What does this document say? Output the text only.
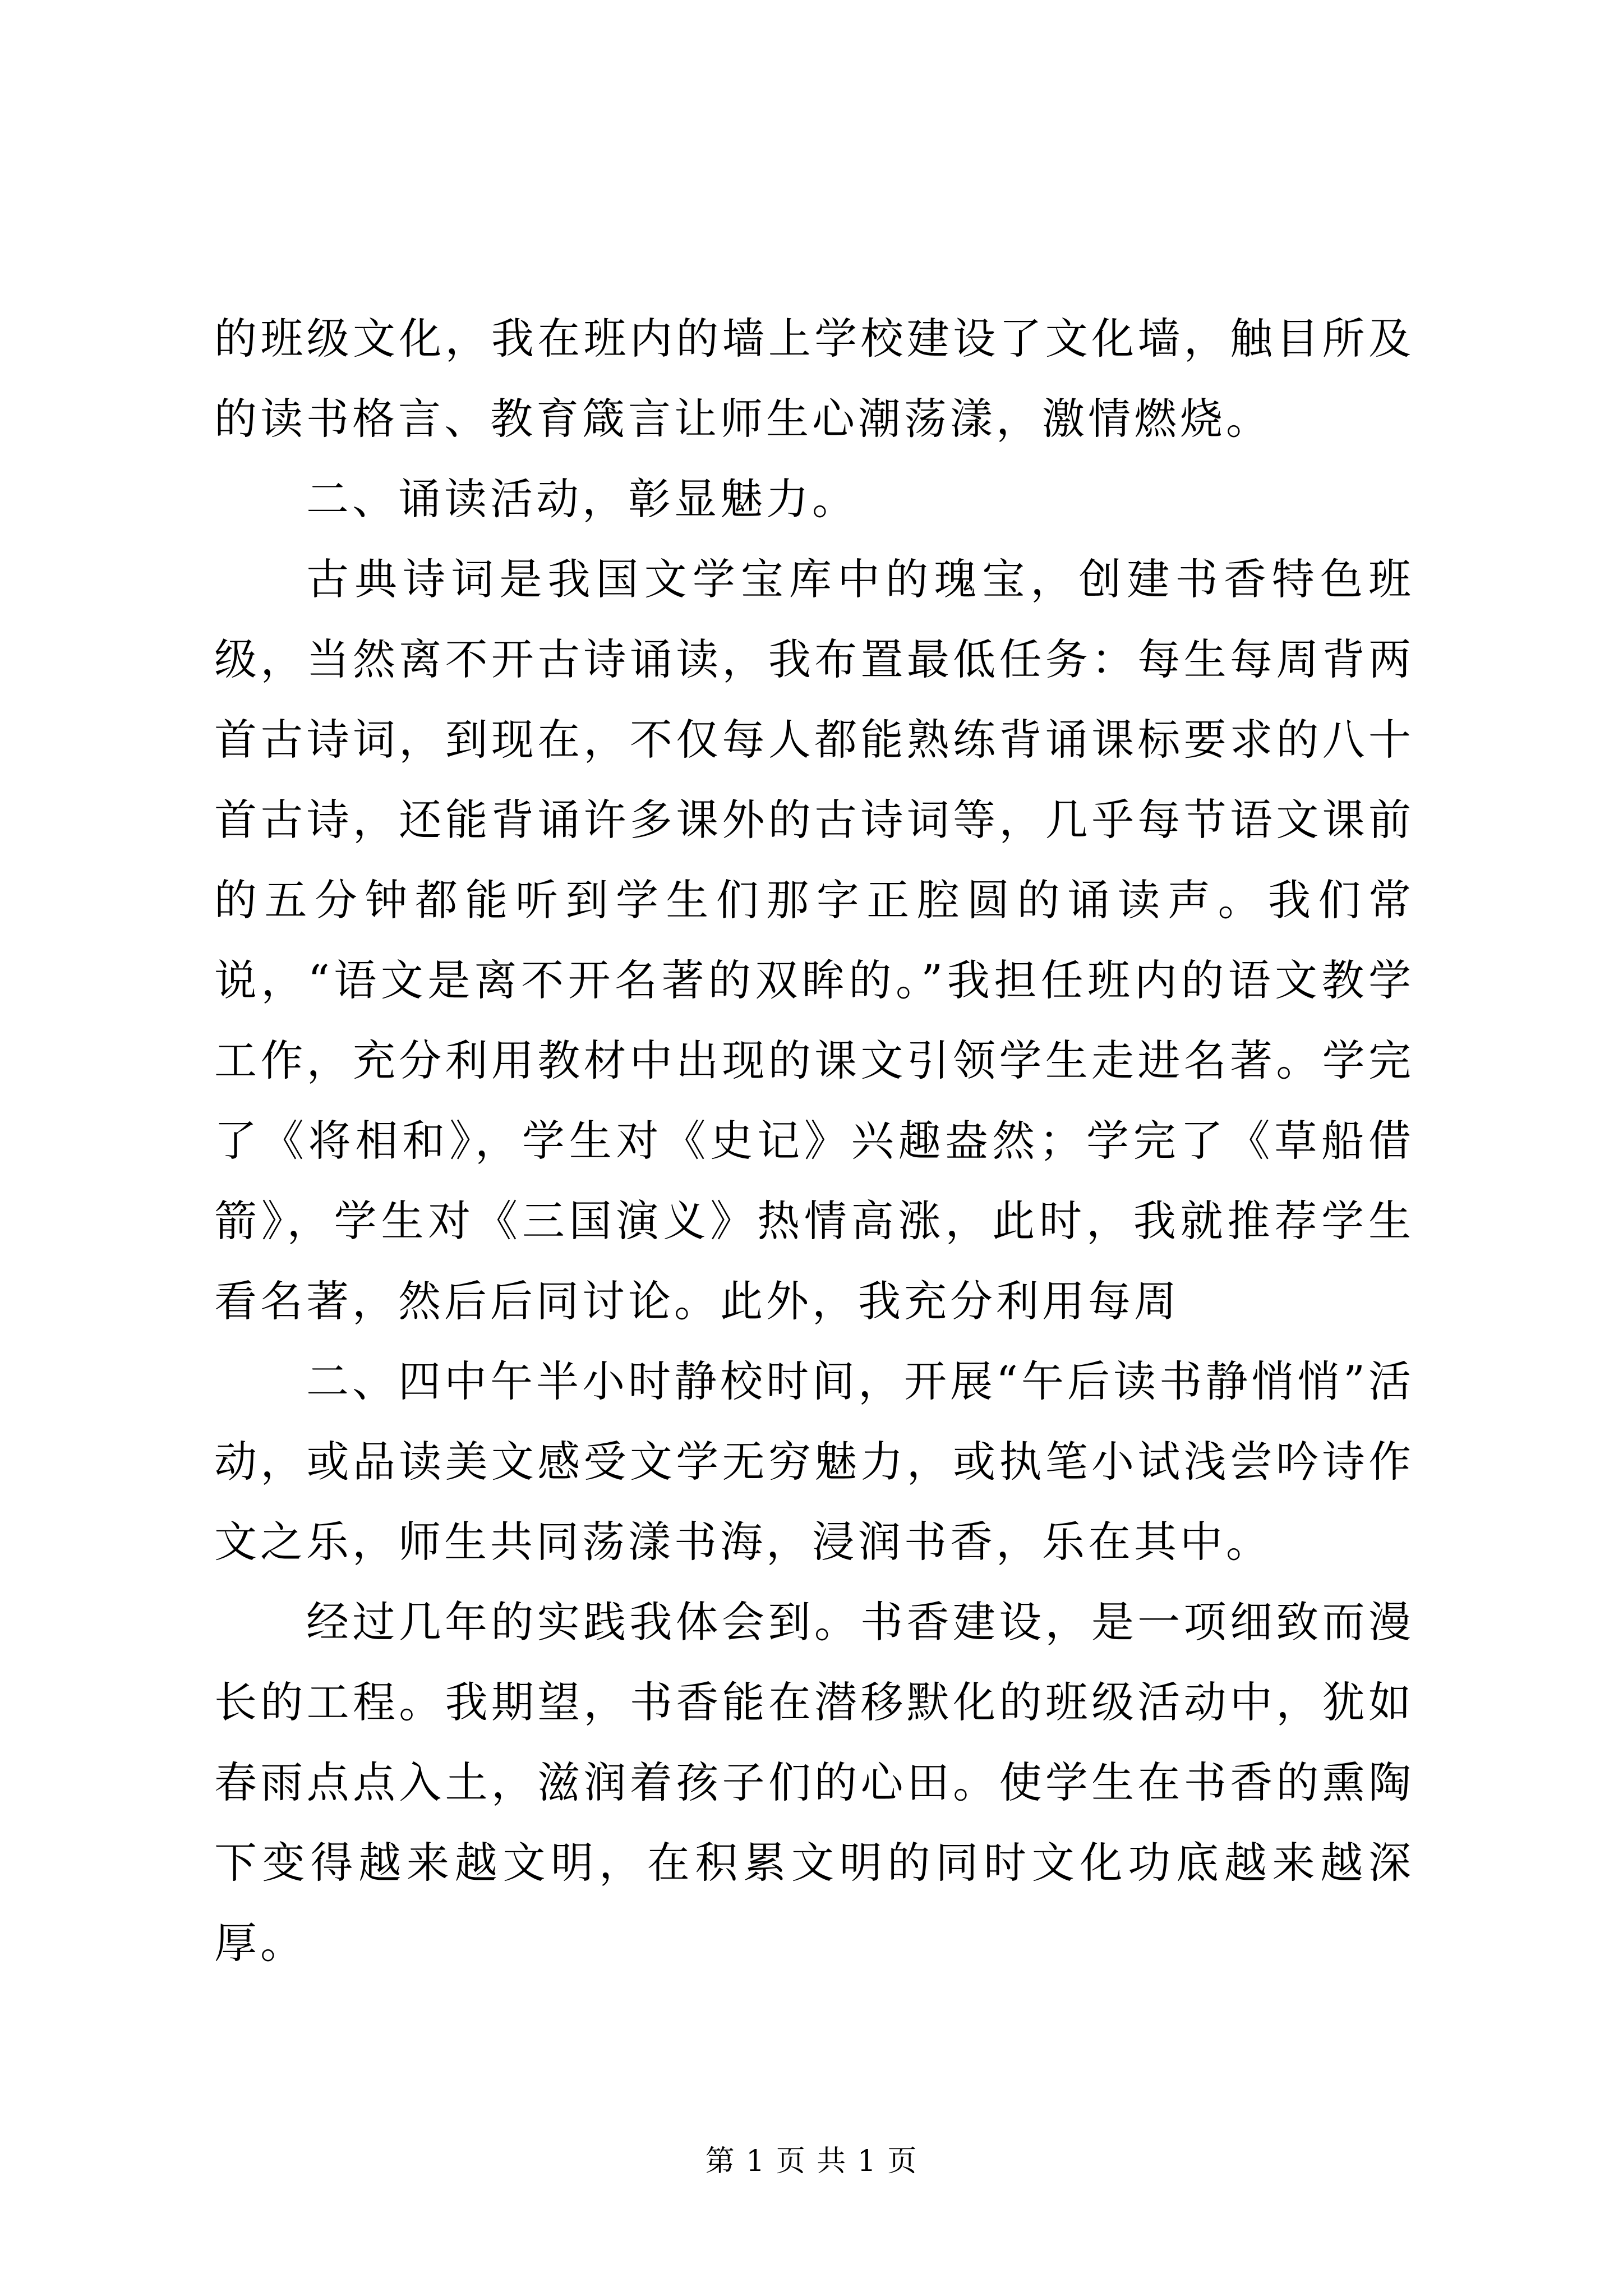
的班级文化，我在班内的墙上学校建设了文化墙，触目所及的读书格言、教育箴言让师生心潮荡漾，激情燃烧。

二、诵读活动，彰显魅力。

古典诗词是我国文学宝库中的瑰宝，创建书香特色班级，当然离不开古诗诵读，我布置最低任务：每生每周背两首古诗词，到现在，不仅每人都能熟练背诵课标要求的八十首古诗，还能背诵许多课外的古诗词等，几乎每节语文课前的五分钟都能听到学生们那字正腔圆的诵读声。我们常说，“语文是离不开名著的双眸的。”我担任班内的语文教学工作，充分利用教材中出现的课文引领学生走进名著。学完了《将相和》，学生对《史记》兴趣盎然；学完了《草船借箭》，学生对《三国演义》热情高涨，此时，我就推荐学生看名著，然后后同讨论。此外，我充分利用每周

二、四中午半小时静校时间，开展“午后读书静悄悄”活动，或品读美文感受文学无穷魅力，或执笔小试浅尝吟诗作文之乐，师生共同荡漾书海，浸润书香，乐在其中。

经过几年的实践我体会到。书香建设，是一项细致而漫长的工程。我期望，书香能在潜移默化的班级活动中，犹如春雨点点入土，滋润着孩子们的心田。使学生在书香的熏陶下变得越来越文明，在积累文明的同时文化功底越来越深厚。

第 1 页 共 1 页
